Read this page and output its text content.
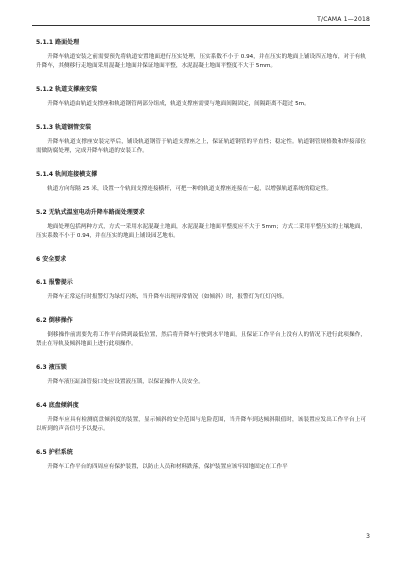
T/CAMA 1—2018
5.1.1 路面处理

升降车轨道安装之前需要预先将轨道安置地面进行压实处理，压实系数不小于 0.94，并在压实的地面上铺设四五地布，对于有轨升降车，其侧移行走地面采用混凝土地面并保证地面平整，水泥混凝土地面平整度不大于 5mm。

5.1.2 轨道支撑座安装

升降车轨道由轨道支撑座和轨道钢管两部分组成，轨道支撑座需要与地面间隔固定，间隔距离不超过 5m。

5.1.3 轨道钢管安装

升降车轨道支撑座安装完毕后，铺设轨道钢管于轨道支撑座之上，保证轨道钢管的平直性；稳定性。轨道钢管规格数和焊接部位需做防腐处理，完成升降车轨道的安装工作。

5.1.4 轨间连接横支撑

轨道方向每隔 25 米，设置一个轨间支撑连接横杆，可把一种的轨道支撑座连接在一起，以增强轨道系统的稳定性。

5.2 无轨式温室电动升降车路面处理要求

地面处理包括两种方式，方式一采用水泥混凝土地面，水泥混凝土地面平整度应不大于 5mm；方式二采用平整压实的土壤地面，压实系数不小于 0.94，并在压实的地面上铺设园艺地布。

6 安全要求
6.1 报警提示

升降车正常运行时报警灯为绿灯闪烁，当升降车出现异常情况（如倾斜）时，报警灯为红灯闪烁。

6.2 倒移操作

倒移操作前需要先将工作平台降到最低位置，然后将升降车行驶到水平地面，且保证工作平台上没有人的情况下进行此项操作，禁止在导轨及倾斜地面上进行此项操作。

6.3 液压锁

升降车液压缸油管接口处应设置液压锁，以保证操作人员安全。

6.4 底盘倾斜度

升降车应具有检测底盘倾斜度的装置，显示倾斜的安全范围与危险范围，当升降车到达倾斜限值时，该装置应发出工作平台上可以听到的声音信号予以提示。

6.5 护栏系统

升降车工作平台的四周应有保护装置，以防止人员和材料跌落，保护装置应该牢固地固定在工作平

3
